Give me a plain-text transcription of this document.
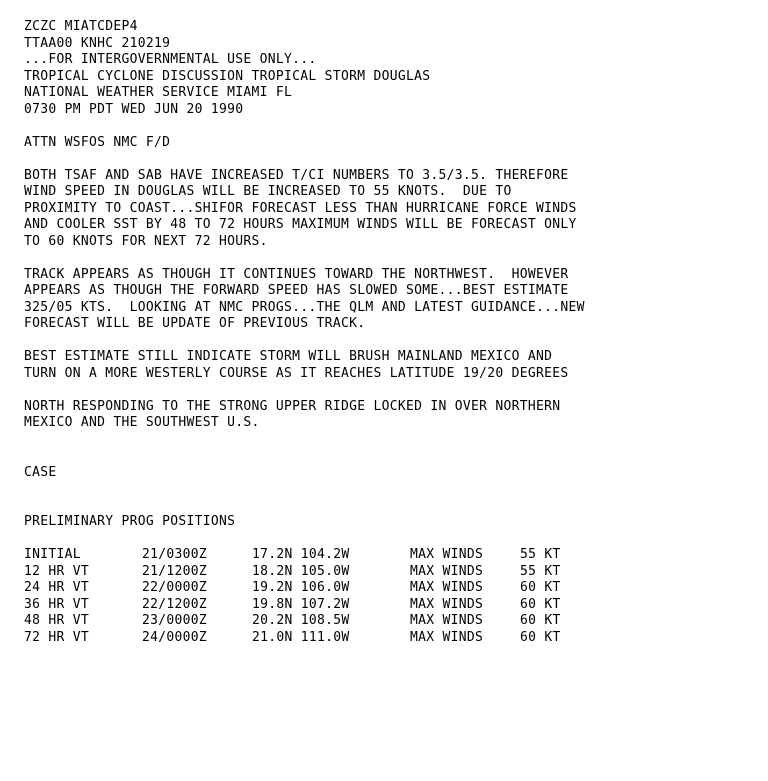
ZCZC MIATCDEP4
TTAA00 KNHC 210219
...FOR INTERGOVERNMENTAL USE ONLY...
TROPICAL CYCLONE DISCUSSION TROPICAL STORM DOUGLAS
NATIONAL WEATHER SERVICE MIAMI FL
0730 PM PDT WED JUN 20 1990
ATTN WSFOS NMC F/D
BOTH TSAF AND SAB HAVE INCREASED T/CI NUMBERS TO 3.5/3.5. THEREFORE
WIND SPEED IN DOUGLAS WILL BE INCREASED TO 55 KNOTS.  DUE TO
PROXIMITY TO COAST...SHIFOR FORECAST LESS THAN HURRICANE FORCE WINDS
AND COOLER SST BY 48 TO 72 HOURS MAXIMUM WINDS WILL BE FORECAST ONLY
TO 60 KNOTS FOR NEXT 72 HOURS.
TRACK APPEARS AS THOUGH IT CONTINUES TOWARD THE NORTHWEST.  HOWEVER
APPEARS AS THOUGH THE FORWARD SPEED HAS SLOWED SOME...BEST ESTIMATE
325/05 KTS.  LOOKING AT NMC PROGS...THE QLM AND LATEST GUIDANCE...NEW
FORECAST WILL BE UPDATE OF PREVIOUS TRACK.
BEST ESTIMATE STILL INDICATE STORM WILL BRUSH MAINLAND MEXICO AND
TURN ON A MORE WESTERLY COURSE AS IT REACHES LATITUDE 19/20 DEGREES
NORTH RESPONDING TO THE STRONG UPPER RIDGE LOCKED IN OVER NORTHERN
MEXICO AND THE SOUTHWEST U.S.
CASE
PRELIMINARY PROG POSITIONS
INITIAL	21/0300Z	17.2N 104.2W	MAX WINDS	55 KT
12 HR VT	21/1200Z	18.2N 105.0W	MAX WINDS	55 KT
24 HR VT	22/0000Z	19.2N 106.0W	MAX WINDS	60 KT
36 HR VT	22/1200Z	19.8N 107.2W	MAX WINDS	60 KT
48 HR VT	23/0000Z	20.2N 108.5W	MAX WINDS	60 KT
72 HR VT	24/0000Z	21.0N 111.0W	MAX WINDS	60 KT
